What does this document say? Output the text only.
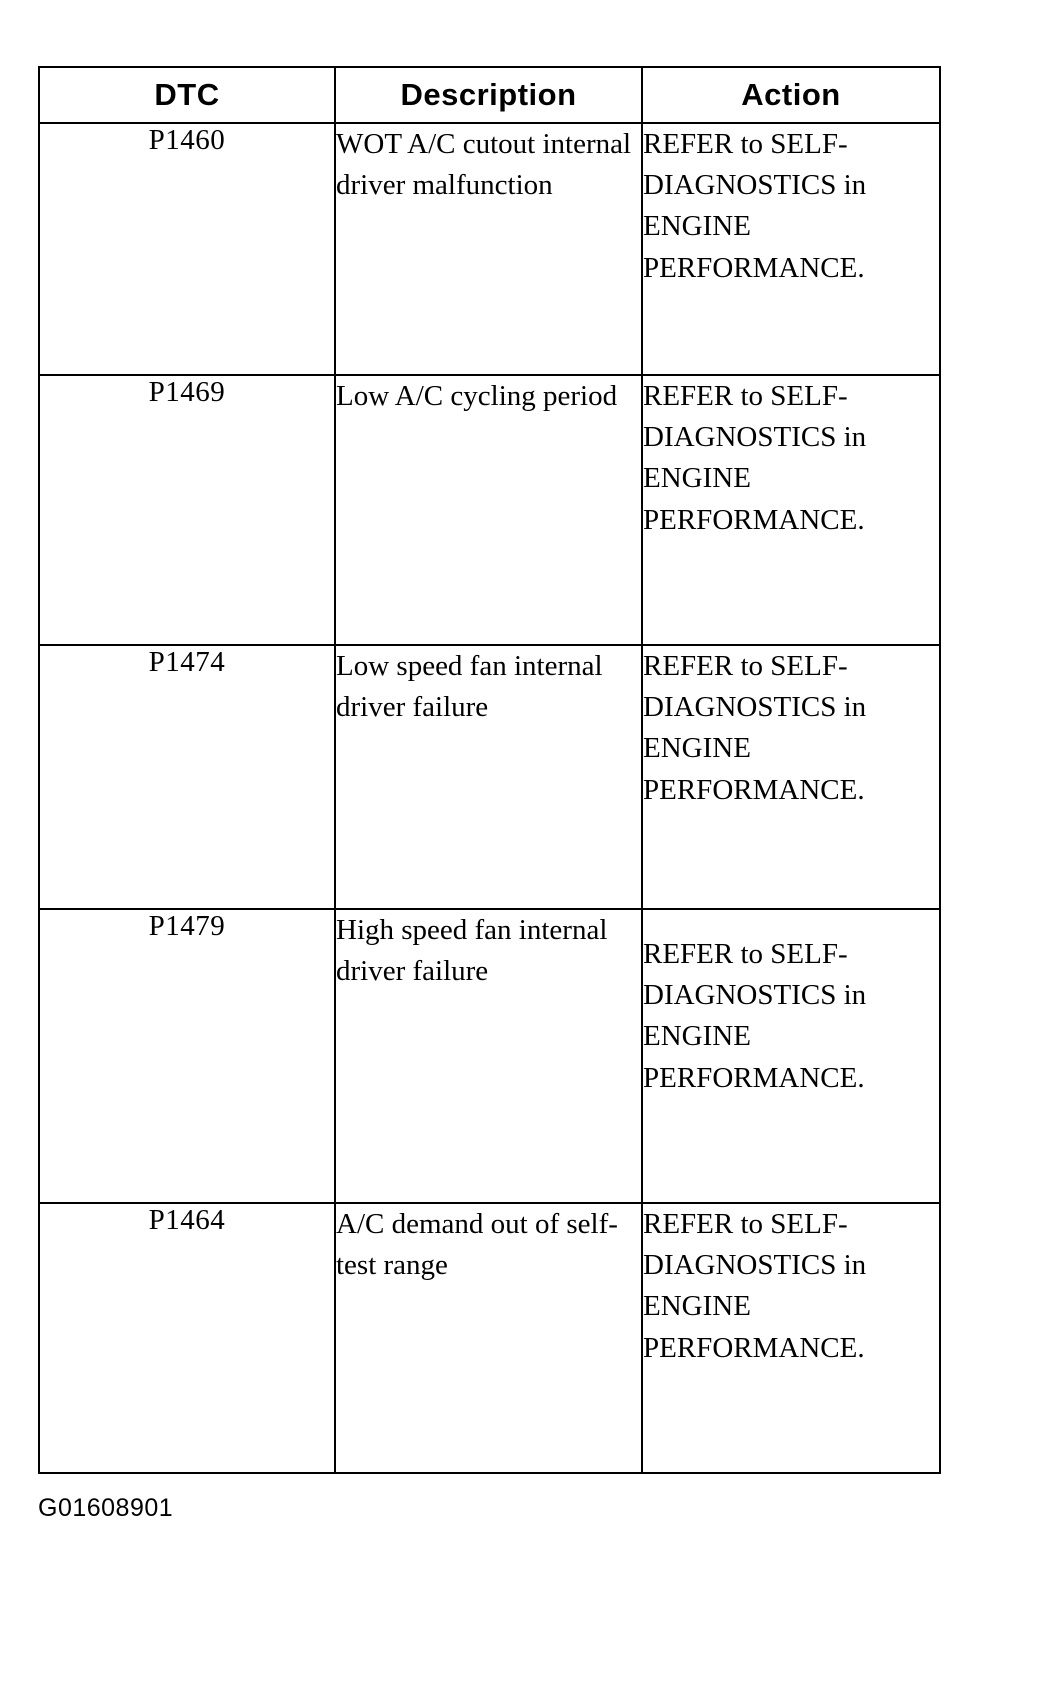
DTC	Description	Action
P1460	WOT A/C cutout internal driver malfunction	REFER to SELF-DIAGNOSTICS in ENGINE PERFORMANCE.
P1469	Low A/C cycling period	REFER to SELF-DIAGNOSTICS in ENGINE PERFORMANCE.
P1474	Low speed fan internal driver failure	REFER to SELF-DIAGNOSTICS in ENGINE PERFORMANCE.
P1479	High speed fan internal driver failure	REFER to SELF-DIAGNOSTICS in ENGINE PERFORMANCE.
P1464	A/C demand out of self-test range	REFER to SELF-DIAGNOSTICS in ENGINE PERFORMANCE.
G01608901
